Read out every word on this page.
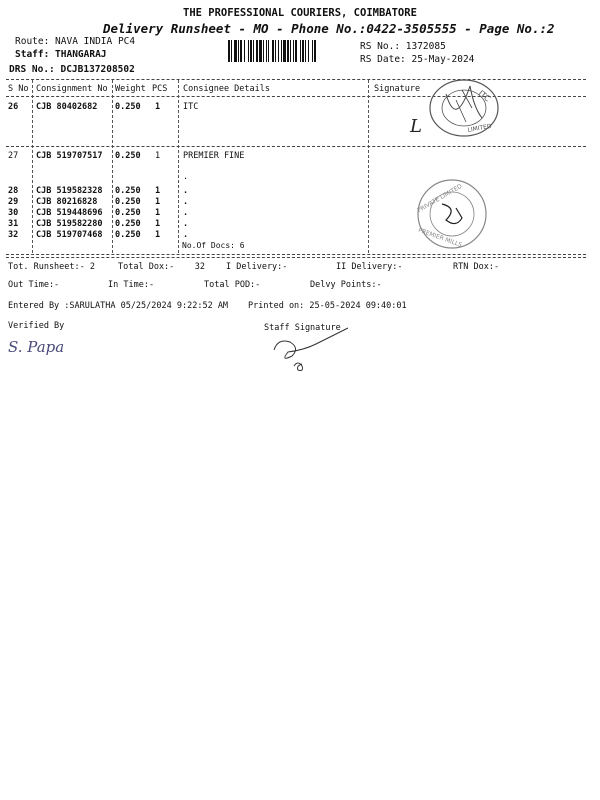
THE PROFESSIONAL COURIERS, COIMBATORE
Delivery Runsheet - MO - Phone No.:0422-3505555 - Page No.:2
Route: NAVA INDIA PC4
Staff: THANGARAJ
DRS No.: DCJB137208502
RS No.: 1372085
RS Date: 25-May-2024
S No Consignment No Weight PCS Consignee Details	Signature
26 CJB 80402682 0.250 1	ITC
27 CJB 519707517 0.250 1	PREMIER FINE
.
28 CJB 519582328 0.250 1	.
29 CJB 80216828 0.250 1	.
30 CJB 519448696 0.250 1	.
31 CJB 519582280 0.250 1	.
32 CJB 519707468 0.250 1	.
No.Of Docs: 6
ITC
LIMITED
L
PRIVATE LIMITED
PREMIER MILLS
Tot. Runsheet:- 2	Total Dox:-    32 I Delivery:-	II Delivery:-	RTN Dox:-
Out Time:-	In Time:-	Total POD:-	Delvy Points:-
Entered By :SARULATHA 05/25/2024 9:22:52 AM Printed on: 25-05-2024 09:40:01
Verified By	Staff Signature
S. Papa
